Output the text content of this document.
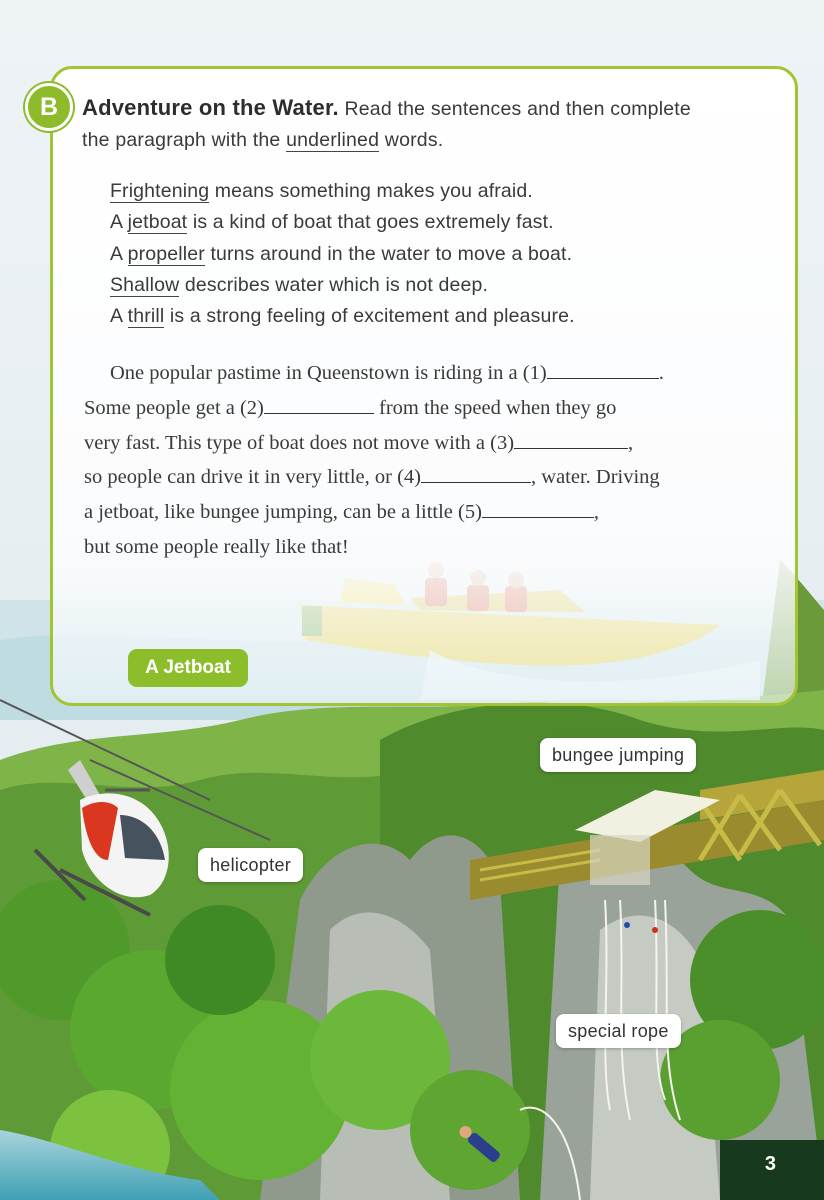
B	Adventure on the Water. Read the sentences and then complete
the paragraph with the underlined words.
Frightening means something makes you afraid.
A jetboat is a kind of boat that goes extremely fast.
A propeller turns around in the water to move a boat.
Shallow describes water which is not deep.
A thrill is a strong feeling of excitement and pleasure.
One popular pastime in Queenstown is riding in a (1)	.
Some people get a (2)	from the speed when they go
very fast. This type of boat does not move with a (3)	,
so people can drive it in very little, or (4)	, water. Driving
a jetboat, like bungee jumping, can be a little (5)	,
but some people really like that!
A Jetboat
bungee jumping
helicopter
special rope
3
